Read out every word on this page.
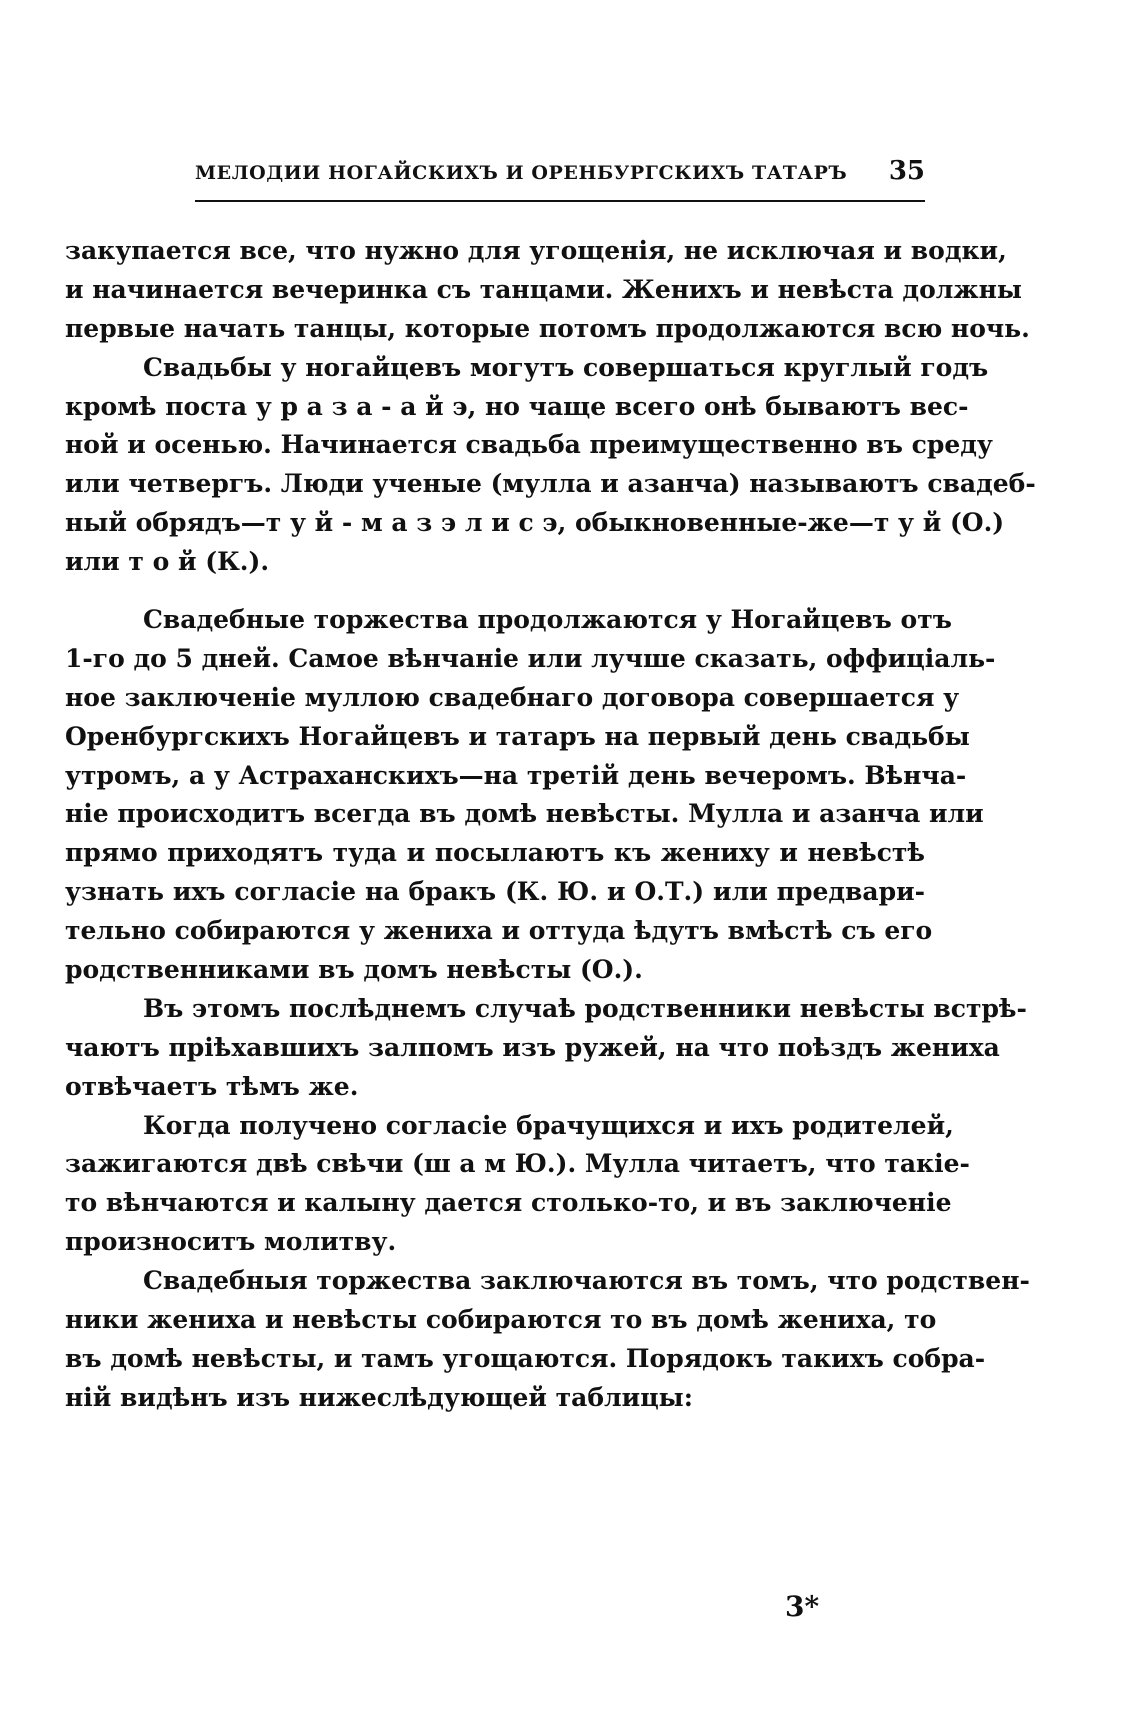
МЕЛОДИИ НОГАЙСКИХЪ И ОРЕНБУРГСКИХЪ ТАТАРЪ 35
закупается все, что нужно для угощенія, не исключая и водки,
и начинается вечеринка съ танцами. Женихъ и невѣста должны
первые начать танцы, которые потомъ продолжаются всю ночь.
Свадьбы у ногайцевъ могутъ совершаться круглый годъ
кромѣ поста у р а з а - а й э, но чаще всего онѣ бываютъ вес-
ной и осенью. Начинается свадьба преимущественно въ среду
или четвергъ. Люди ученые (мулла и азанча) называютъ свадеб-
ный обрядъ—т у й - м а з э л и с э, обыкновенные-же—т у й (О.)
или т о й (К.).
Свадебные торжества продолжаются у Ногайцевъ отъ
1-го до 5 дней. Самое вѣнчаніе или лучше сказать, оффиціаль-
ное заключеніе муллою свадебнаго договора совершается у
Оренбургскихъ Ногайцевъ и татаръ на первый день свадьбы
утромъ, а у Астраханскихъ—на третій день вечеромъ. Вѣнча-
ніе происходитъ всегда въ домѣ невѣсты. Мулла и азанча или
прямо приходятъ туда и посылаютъ къ жениху и невѣстѣ
узнать ихъ согласіе на бракъ (К. Ю. и О.Т.) или предвари-
тельно собираются у жениха и оттуда ѣдутъ вмѣстѣ съ его
родственниками въ домъ невѣсты (О.).
Въ этомъ послѣднемъ случаѣ родственники невѣсты встрѣ-
чаютъ пріѣхавшихъ залпомъ изъ ружей, на что поѣздъ жениха
отвѣчаетъ тѣмъ же.
Когда получено согласіе брачущихся и ихъ родителей,
зажигаются двѣ свѣчи (ш а м Ю.). Мулла читаетъ, что такіе-
то вѣнчаются и калыну дается столько-то, и въ заключеніе
произноситъ молитву.
Свадебныя торжества заключаются въ томъ, что родствен-
ники жениха и невѣсты собираются то въ домѣ жениха, то
въ домѣ невѣсты, и тамъ угощаются. Порядокъ такихъ собра-
ній видѣнъ изъ нижеслѣдующей таблицы:
3*
